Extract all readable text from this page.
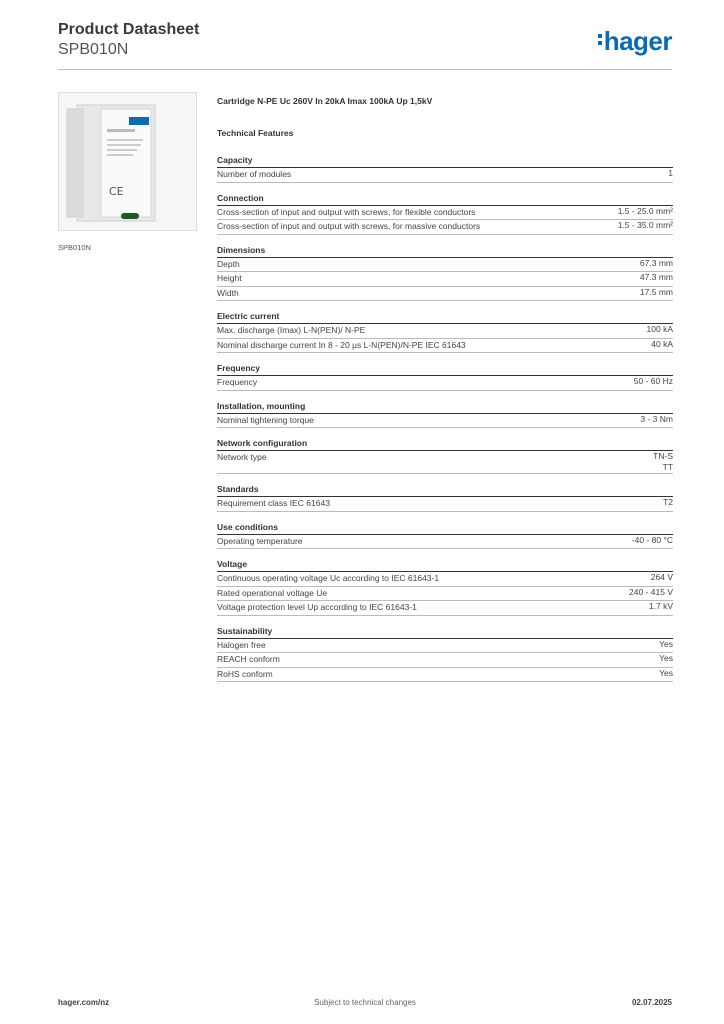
Product Datasheet
SPB010N	hager
CE
SPB010N
Cartridge N-PE Uc 260V In 20kA Imax 100kA Up 1,5kV
Technical Features
Capacity
Number of modules	1
Connection
Cross-section of input and output with screws, for flexible conductors	1.5 - 25.0 mm²
Cross-section of input and output with screws, for massive conductors	1.5 - 35.0 mm²
Dimensions
Depth	67.3 mm
Height	47.3 mm
Width	17.5 mm
Electric current
Max. discharge (Imax) L-N(PEN)/ N-PE	100 kA
Nominal discharge current In 8 - 20 µs L-N(PEN)/N-PE IEC 61643	40 kA
Frequency
Frequency	50 - 60 Hz
Installation, mounting
Nominal tightening torque	3 - 3 Nm
Network configuration
Network type	TN-S
TT
Standards
Requirement class IEC 61643	T2
Use conditions
Operating temperature	-40 - 80 °C
Voltage
Continuous operating voltage Uc according to IEC 61643-1	264 V
Rated operational voltage Ue	240 - 415 V
Voltage protection level Up according to IEC 61643-1	1.7 kV
Sustainability
Halogen free	Yes
REACH conform	Yes
RoHS conform	Yes
hager.com/nz	Subject to technical changes	02.07.2025
